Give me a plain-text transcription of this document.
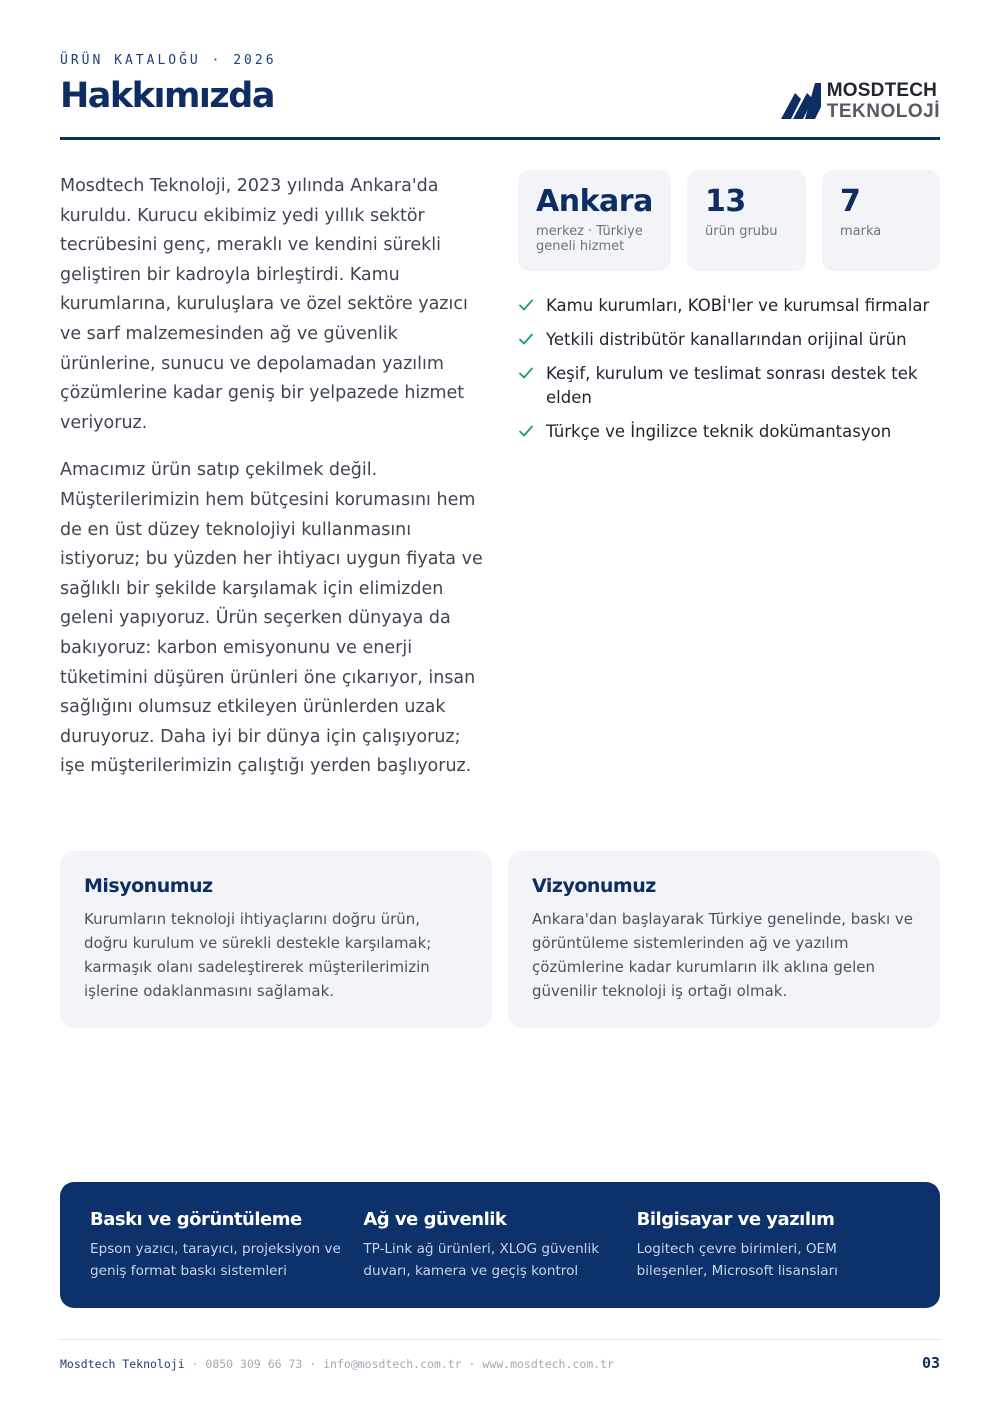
ÜRÜN KATALOĞU · 2026
Hakkımızda	MOSDTECH
TEKNOLOJİ

Mosdtech Teknoloji, 2023 yılında Ankara'da kuruldu. Kurucu ekibimiz yedi yıllık sektör tecrübesini genç, meraklı ve kendini sürekli geliştiren bir kadroyla birleştirdi. Kamu kurumlarına, kuruluşlara ve özel sektöre yazıcı ve sarf malzemesinden ağ ve güvenlik ürünlerine, sunucu ve depolamadan yazılım çözümlerine kadar geniş bir yelpazede hizmet veriyoruz.

Amacımız ürün satıp çekilmek değil. Müşterilerimizin hem bütçesini korumasını hem de en üst düzey teknolojiyi kullanmasını istiyoruz; bu yüzden her ihtiyacı uygun fiyata ve sağlıklı bir şekilde karşılamak için elimizden geleni yapıyoruz. Ürün seçerken dünyaya da bakıyoruz: karbon emisyonunu ve enerji tüketimini düşüren ürünleri öne çıkarıyor, insan sağlığını olumsuz etkileyen ürünlerden uzak duruyoruz. Daha iyi bir dünya için çalışıyoruz; işe müşterilerimizin çalıştığı yerden başlıyoruz.

Ankara
merkez · Türkiye geneli hizmet
13
ürün grubu
7
marka
Kamu kurumları, KOBİ'ler ve kurumsal firmalar
Yetkili distribütör kanallarından orijinal ürün
Keşif, kurulum ve teslimat sonrası destek tek elden
Türkçe ve İngilizce teknik dokümantasyon
Misyonumuz
Kurumların teknoloji ihtiyaçlarını doğru ürün, doğru kurulum ve sürekli destekle karşılamak; karmaşık olanı sadeleştirerek müşterilerimizin işlerine odaklanmasını sağlamak.
Vizyonumuz
Ankara'dan başlayarak Türkiye genelinde, baskı ve görüntüleme sistemlerinden ağ ve yazılım çözümlerine kadar kurumların ilk aklına gelen güvenilir teknoloji iş ortağı olmak.
Baskı ve görüntüleme
Epson yazıcı, tarayıcı, projeksiyon ve geniş format baskı sistemleri
Ağ ve güvenlik
TP-Link ağ ürünleri, XLOG güvenlik duvarı, kamera ve geçiş kontrol
Bilgisayar ve yazılım
Logitech çevre birimleri, OEM bileşenler, Microsoft lisansları
Mosdtech Teknoloji · 0850 309 66 73 · info@mosdtech.com.tr · www.mosdtech.com.tr	03
